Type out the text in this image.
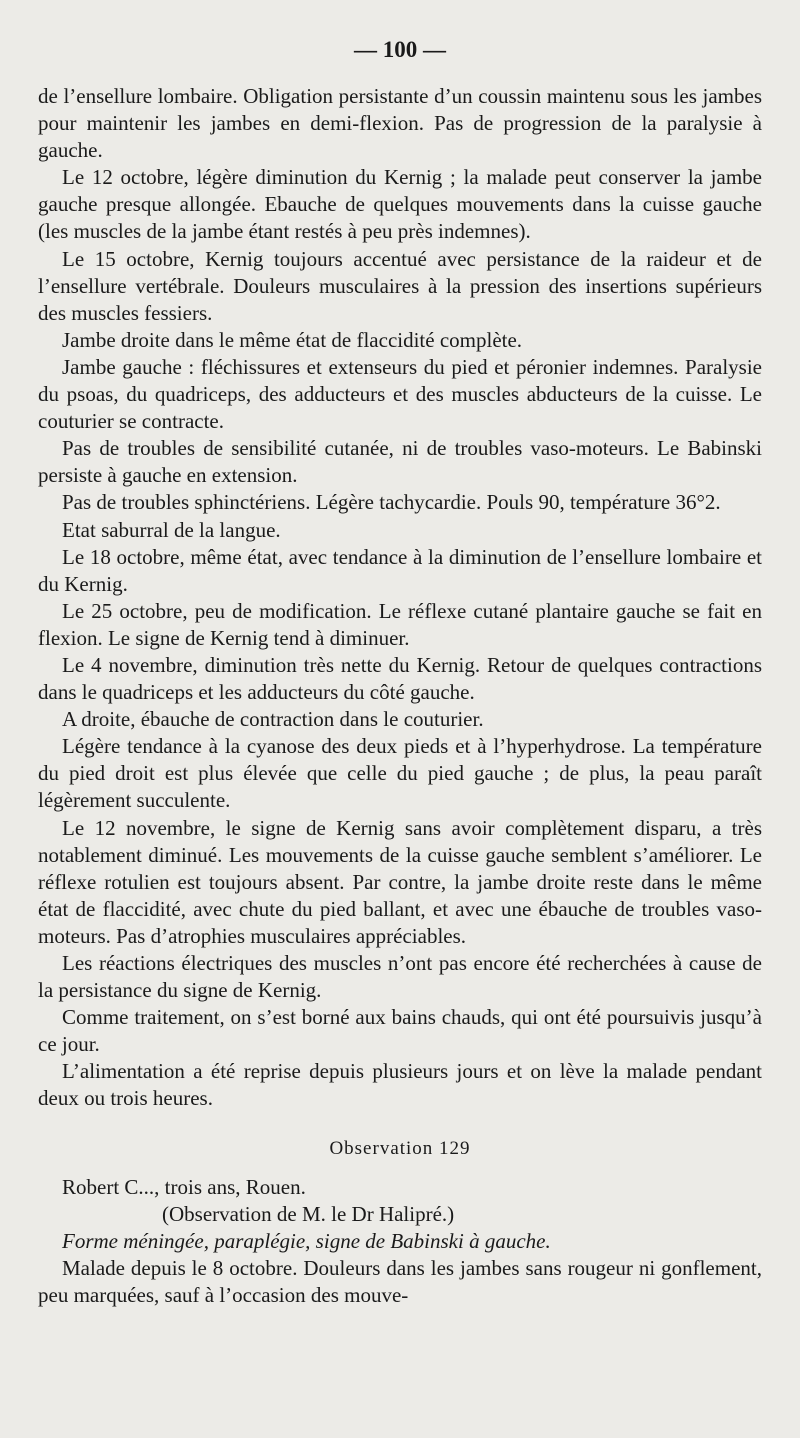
— 100 —

de l’ensellure lombaire. Obligation persistante d’un coussin maintenu sous les jambes pour maintenir les jambes en demi-flexion. Pas de progression de la paralysie à gauche.

Le 12 octobre, légère diminution du Kernig ; la malade peut conserver la jambe gauche presque allongée. Ebauche de quelques mouvements dans la cuisse gauche (les muscles de la jambe étant restés à peu près indemnes).

Le 15 octobre, Kernig toujours accentué avec persistance de la raideur et de l’ensellure vertébrale. Douleurs musculaires à la pression des insertions supérieurs des muscles fessiers.

Jambe droite dans le même état de flaccidité complète.

Jambe gauche : fléchissures et extenseurs du pied et péronier indemnes. Paralysie du psoas, du quadriceps, des adducteurs et des muscles abducteurs de la cuisse. Le couturier se contracte.

Pas de troubles de sensibilité cutanée, ni de troubles vaso-moteurs. Le Babinski persiste à gauche en extension.

Pas de troubles sphinctériens. Légère tachycardie. Pouls 90, température 36°2.

Etat saburral de la langue.

Le 18 octobre, même état, avec tendance à la diminution de l’ensellure lombaire et du Kernig.

Le 25 octobre, peu de modification. Le réflexe cutané plantaire gauche se fait en flexion. Le signe de Kernig tend à diminuer.

Le 4 novembre, diminution très nette du Kernig. Retour de quelques contractions dans le quadriceps et les adducteurs du côté gauche.

A droite, ébauche de contraction dans le couturier.

Légère tendance à la cyanose des deux pieds et à l’hyperhydrose. La température du pied droit est plus élevée que celle du pied gauche ; de plus, la peau paraît légèrement succulente.

Le 12 novembre, le signe de Kernig sans avoir complètement disparu, a très notablement diminué. Les mouvements de la cuisse gauche semblent s’améliorer. Le réflexe rotulien est toujours absent. Par contre, la jambe droite reste dans le même état de flaccidité, avec chute du pied ballant, et avec une ébauche de troubles vaso-moteurs. Pas d’atrophies musculaires appréciables.

Les réactions électriques des muscles n’ont pas encore été recherchées à cause de la persistance du signe de Kernig.

Comme traitement, on s’est borné aux bains chauds, qui ont été poursuivis jusqu’à ce jour.

L’alimentation a été reprise depuis plusieurs jours et on lève la malade pendant deux ou trois heures.

Observation 129

Robert C..., trois ans, Rouen.

(Observation de M. le Dr Halipré.)

Forme méningée, paraplégie, signe de Babinski à gauche.

Malade depuis le 8 octobre. Douleurs dans les jambes sans rougeur ni gonflement, peu marquées, sauf à l’occasion des mouve-
